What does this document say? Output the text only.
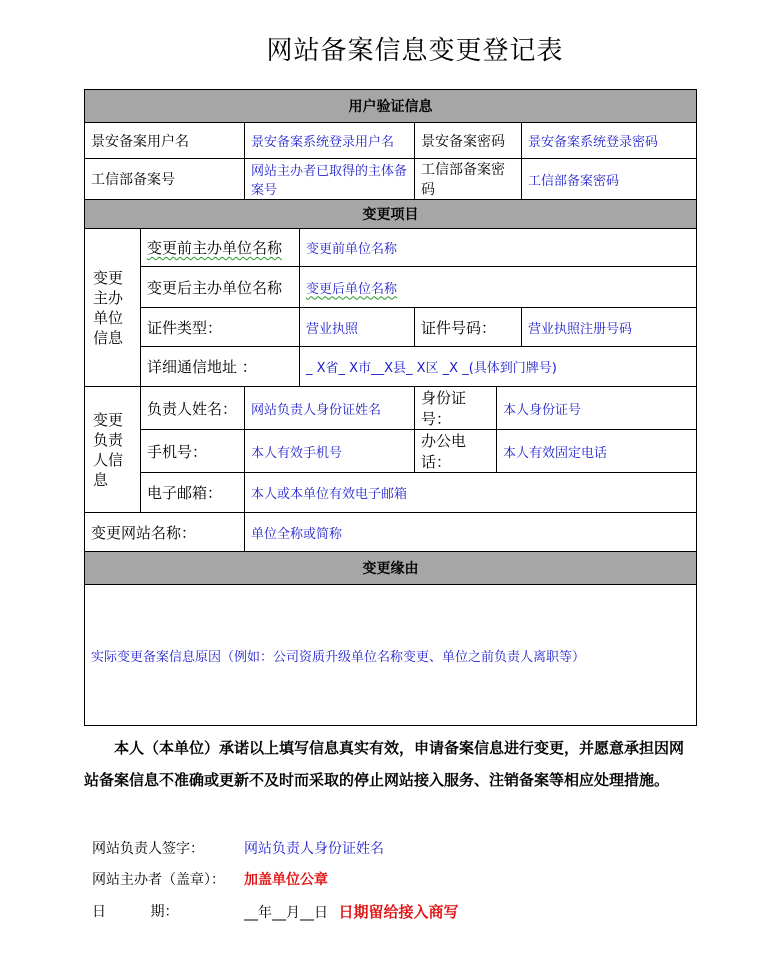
网站备案信息变更登记表
用户验证信息						
景安备案用户名		景安备案系统登录用户名		景安备案密码		景安备案系统登录密码
工信部备案号		网站主办者已取得的主体备案号		工信部备案密码		工信部备案密码
变更项目						
变更主办单位信息	变更前主办单位名称		变更前单位名称			
	变更后主办单位名称		变更后单位名称			
	证件类型：		营业执照	证件号码：		营业执照注册号码
	详细通信地址 ：		_ X省_ X市__X县_ X区 _X _(具体到门牌号)			
变更负责人信息	负责人姓名：	网站负责人身份证姓名		身份证号：	本人身份证号	
	手机号：	本人有效手机号		办公电话：	本人有效固定电话	
	电子邮箱：	本人或本单位有效电子邮箱				
变更网站名称：		单位全称或简称				
变更缘由						
实际变更备案信息原因（例如：公司资质升级单位名称变更、单位之前负责人离职等）						
本人（本单位）承诺以上填写信息真实有效，申请备案信息进行变更，并愿意承担因网站备案信息不准确或更新不及时而采取的停止网站接入服务、注销备案等相应处理措施。
网站负责人签字：	网站负责人身份证姓名
网站主办者（盖章）： 加盖单位公章
日          期：	__年__月__日 日期留给接入商写
